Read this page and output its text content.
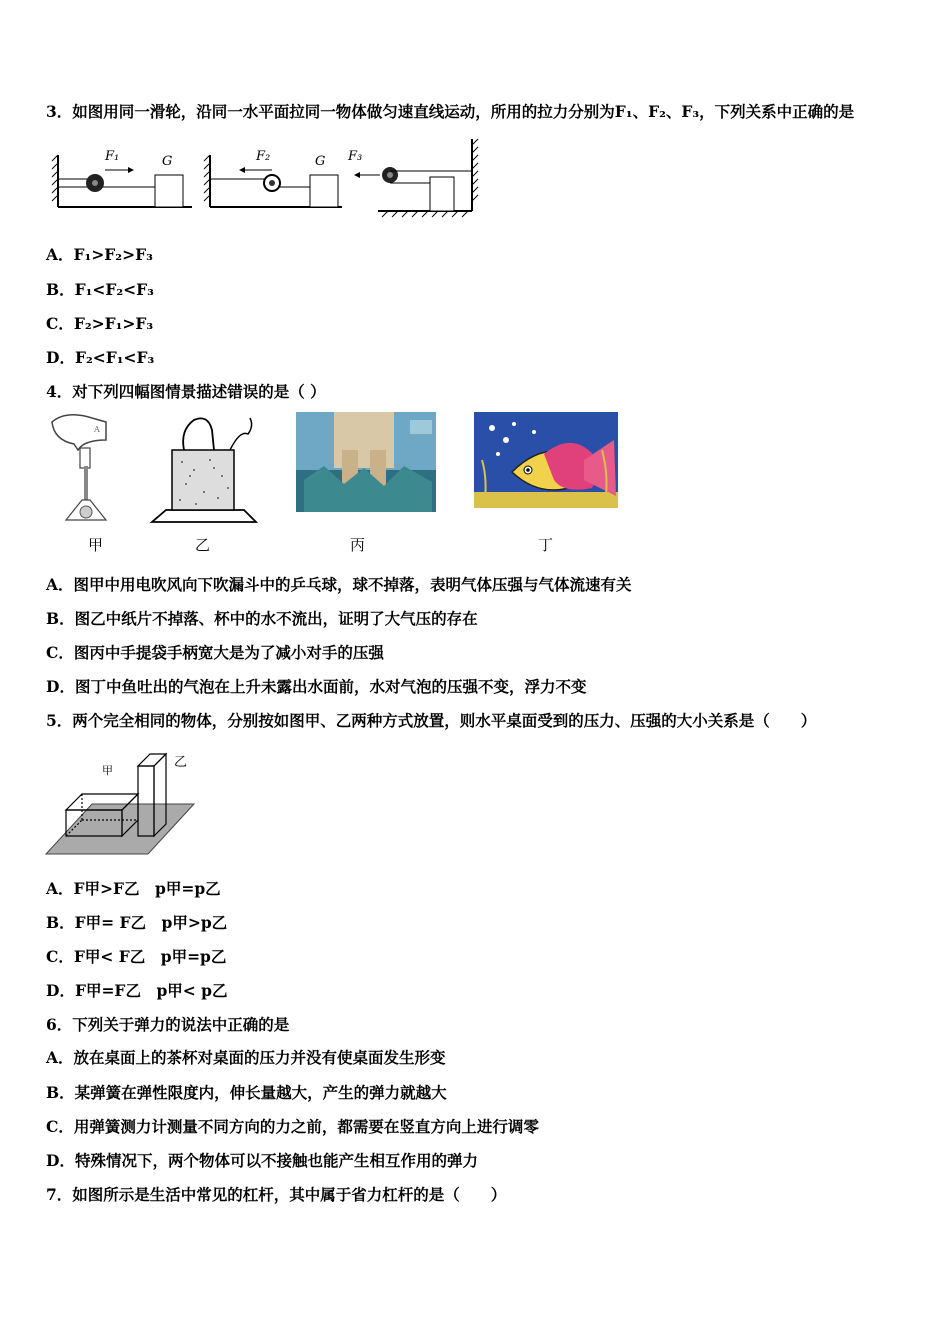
3．如图用同一滑轮，沿同一水平面拉同一物体做匀速直线运动，所用的拉力分别为F₁、F₂、F₃，下列关系中正确的是
F₁	G	F₂	G F₃
A．F₁>F₂>F₃
B．F₁<F₂<F₃
C．F₂>F₁>F₃
D．F₂<F₁<F₃
4．对下列四幅图情景描述错误的是（ ）
A
甲	乙	丙	丁
A．图甲中用电吹风向下吹漏斗中的乒乓球，球不掉落，表明气体压强与气体流速有关
B．图乙中纸片不掉落、杯中的水不流出，证明了大气压的存在
C．图丙中手提袋手柄宽大是为了减小对手的压强
D．图丁中鱼吐出的气泡在上升未露出水面前，水对气泡的压强不变，浮力不变
5．两个完全相同的物体，分别按如图甲、乙两种方式放置，则水平桌面受到的压力、压强的大小关系是（　　）
甲
乙
A．F甲>F乙　p甲=p乙
B．F甲= F乙　p甲>p乙
C．F甲< F乙　p甲=p乙
D．F甲=F乙　p甲< p乙
6．下列关于弹力的说法中正确的是
A．放在桌面上的茶杯对桌面的压力并没有使桌面发生形变
B．某弹簧在弹性限度内，伸长量越大，产生的弹力就越大
C．用弹簧测力计测量不同方向的力之前，都需要在竖直方向上进行调零
D．特殊情况下，两个物体可以不接触也能产生相互作用的弹力
7．如图所示是生活中常见的杠杆，其中属于省力杠杆的是（　　）
